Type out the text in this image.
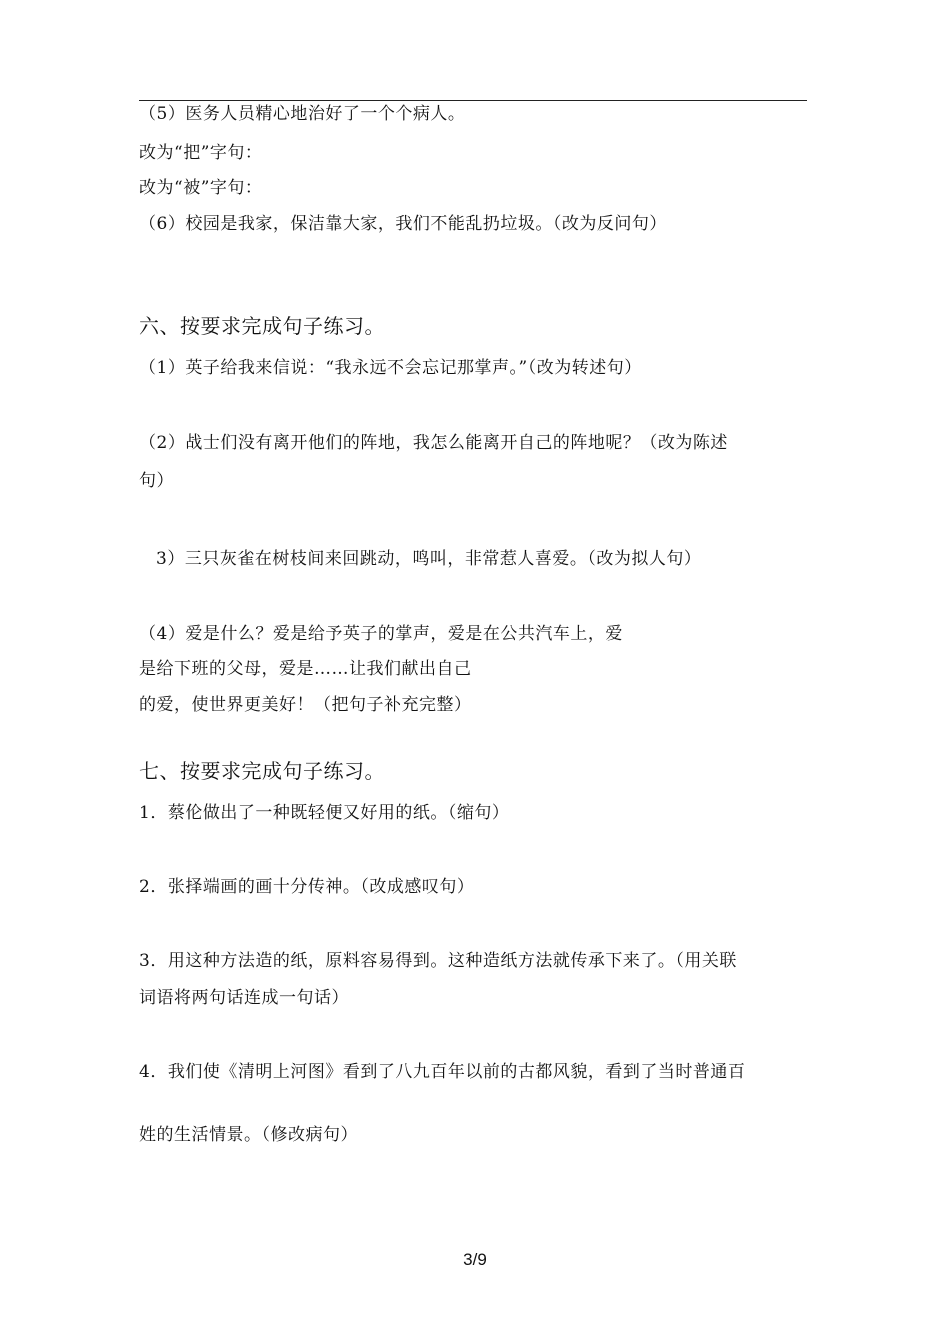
（5）医务人员精心地治好了一个个病人。
改为“把”字句：
改为“被”字句：
（6）校园是我家，保洁靠大家，我们不能乱扔垃圾。（改为反问句）
六、按要求完成句子练习。
（1）英子给我来信说：“我永远不会忘记那掌声。”（改为转述句）
（2）战士们没有离开他们的阵地，我怎么能离开自己的阵地呢？（改为陈述
句）
3）三只灰雀在树枝间来回跳动，鸣叫，非常惹人喜爱。（改为拟人句）
（4）爱是什么？爱是给予英子的掌声，爱是在公共汽车上，爱
是给下班的父母，爱是……让我们献出自己
的爱，使世界更美好！（把句子补充完整）
七、按要求完成句子练习。
1．蔡伦做出了一种既轻便又好用的纸。（缩句）
2．张择端画的画十分传神。（改成感叹句）
3．用这种方法造的纸，原料容易得到。这种造纸方法就传承下来了。（用关联
词语将两句话连成一句话）
4．我们使《清明上河图》看到了八九百年以前的古都风貌，看到了当时普通百
姓的生活情景。（修改病句）
3/9
